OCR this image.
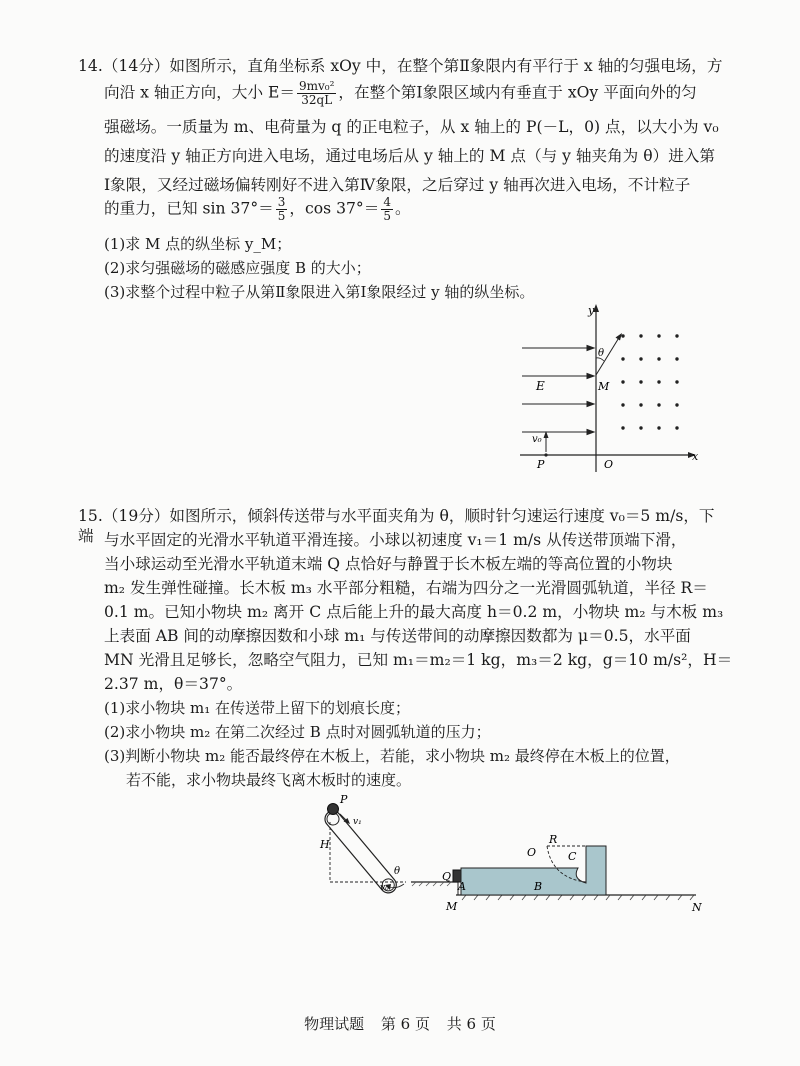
14.（14分）如图所示，直角坐标系 xOy 中，在整个第Ⅱ象限内有平行于 x 轴的匀强电场，方

向沿 x 轴正方向，大小 $E= \frac{\text{9mv₀²}}{32qL}$ ，在整个第Ⅰ象限区域内有垂直于 xOy 平面向外的匀

强磁场。一质量为 m、电荷量为 q 的正电粒子，从 x 轴上的 P(－L，0) 点，以大小为 v₀

的速度沿 y 轴正方向进入电场，通过电场后从 y 轴上的 M 点（与 y 轴夹角为 θ）进入第

Ⅰ象限，又经过磁场偏转刚好不进入第Ⅳ象限，之后穿过 y 轴再次进入电场，不计粒子

的重力，已知 $\sin 37^\circ= \frac{3}{5}$ ，$\cos 37^\circ= \frac{4}{5}$ 。

(1)求 M 点的纵坐标 y_M；
(2)求匀强磁场的磁感应强度 B 的大小；
(3)求整个过程中粒子从第Ⅱ象限进入第Ⅰ象限经过 y 轴的纵坐标。
y
x
E
v₀
P	O
θ
M

15.（19分）如图所示，倾斜传送带与水平面夹角为 θ，顺时针匀速运行速度 v₀＝5 m/s，下端 与水平固定的光滑水平轨道平滑连接。小球以初速度 v₁＝1 m/s 从传送带顶端下滑，

当小球运动至光滑水平轨道末端 Q 点恰好与静置于长木板左端的等高位置的小物块

m₂ 发生弹性碰撞。长木板 m₃ 水平部分粗糙，右端为四分之一光滑圆弧轨道，半径 R＝

0.1 m。已知小物块 m₂ 离开 C 点后能上升的最大高度 h＝0.2 m，小物块 m₂ 与木板 m₃

上表面 AB 间的动摩擦因数和小球 m₁ 与传送带间的动摩擦因数都为 μ＝0.5，水平面

MN 光滑且足够长，忽略空气阻力，已知 m₁＝m₂＝1 kg，m₃＝2 kg，g＝10 m/s²，H＝

2.37 m，θ＝37°。

(1)求小物块 m₁ 在传送带上留下的划痕长度；
(2)求小物块 m₂ 在第二次经过 B 点时对圆弧轨道的压力；
(3)判断小物块 m₂ 能否最终停在木板上，若能，求小物块 m₂ 最终停在木板上的位置，
若不能，求小物块最终飞离木板时的速度。
M	N
H
P
v₁
θ
v₀
Q
A	B
O
R
C
物理试题 第 6 页 共 6 页
